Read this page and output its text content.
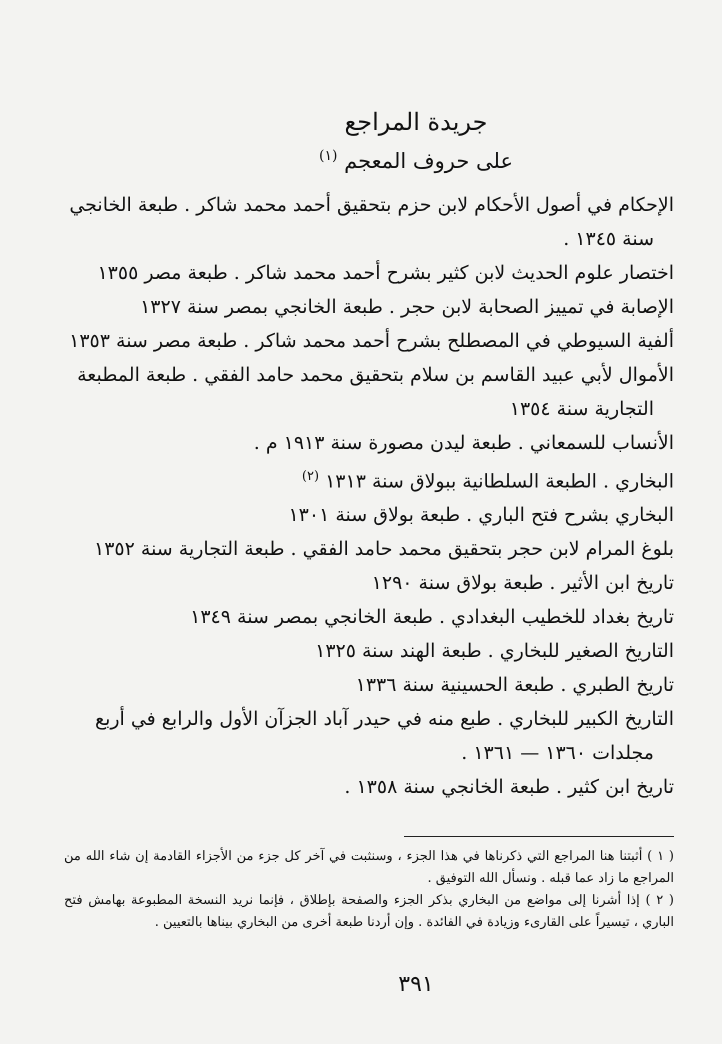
جريدة المراجع
على حروف المعجم $^{(١)}$

الإحكام في أصول الأحكام لابن حزم بتحقيق أحمد محمد شاكر . طبعة الخانجي
سنة ١٣٤٥ .

اختصار علوم الحديث لابن كثير بشرح أحمد محمد شاكر . طبعة مصر ١٣٥٥

الإصابة في تمييز الصحابة لابن حجر . طبعة الخانجي بمصر سنة ١٣٢٧

ألفية السيوطي في المصطلح بشرح أحمد محمد شاكر . طبعة مصر سنة ١٣٥٣

الأموال لأبي عبيد القاسم بن سلام بتحقيق محمد حامد الفقي . طبعة المطبعة
التجارية سنة ١٣٥٤

الأنساب للسمعاني . طبعة ليدن مصورة سنة ١٩١٣ م .

البخاري . الطبعة السلطانية ببولاق سنة ١٣١٣ $^{(٢)}$

البخاري بشرح فتح الباري . طبعة بولاق سنة ١٣٠١

بلوغ المرام لابن حجر بتحقيق محمد حامد الفقي . طبعة التجارية سنة ١٣٥٢

تاريخ ابن الأثير . طبعة بولاق سنة ١٢٩٠

تاريخ بغداد للخطيب البغدادي . طبعة الخانجي بمصر سنة ١٣٤٩

التاريخ الصغير للبخاري . طبعة الهند سنة ١٣٢٥

تاريخ الطبري . طبعة الحسينية سنة ١٣٣٦

التاريخ الكبير للبخاري . طبع منه في حيدر آباد الجزآن الأول والرابع في أربع
مجلدات ١٣٦٠ — ١٣٦١ .

تاريخ ابن كثير . طبعة الخانجي سنة ١٣٥٨ .

( ١ ) أثبتنا هنا المراجع التي ذكرناها في هذا الجزء ، وسنثبت في آخر كل جزء من الأجزاء القادمة إن شاء الله من المراجع ما زاد عما قبله . ونسأل الله التوفيق .

( ٢ ) إذا أشرنا إلى مواضع من البخاري بذكر الجزء والصفحة بإطلاق ، فإنما نريد النسخة المطبوعة بهامش فتح الباري ، تيسيراً على القارىء وزيادة في الفائدة . وإن أردنا طبعة أخرى من البخاري بيناها بالتعيين .

٣٩١
